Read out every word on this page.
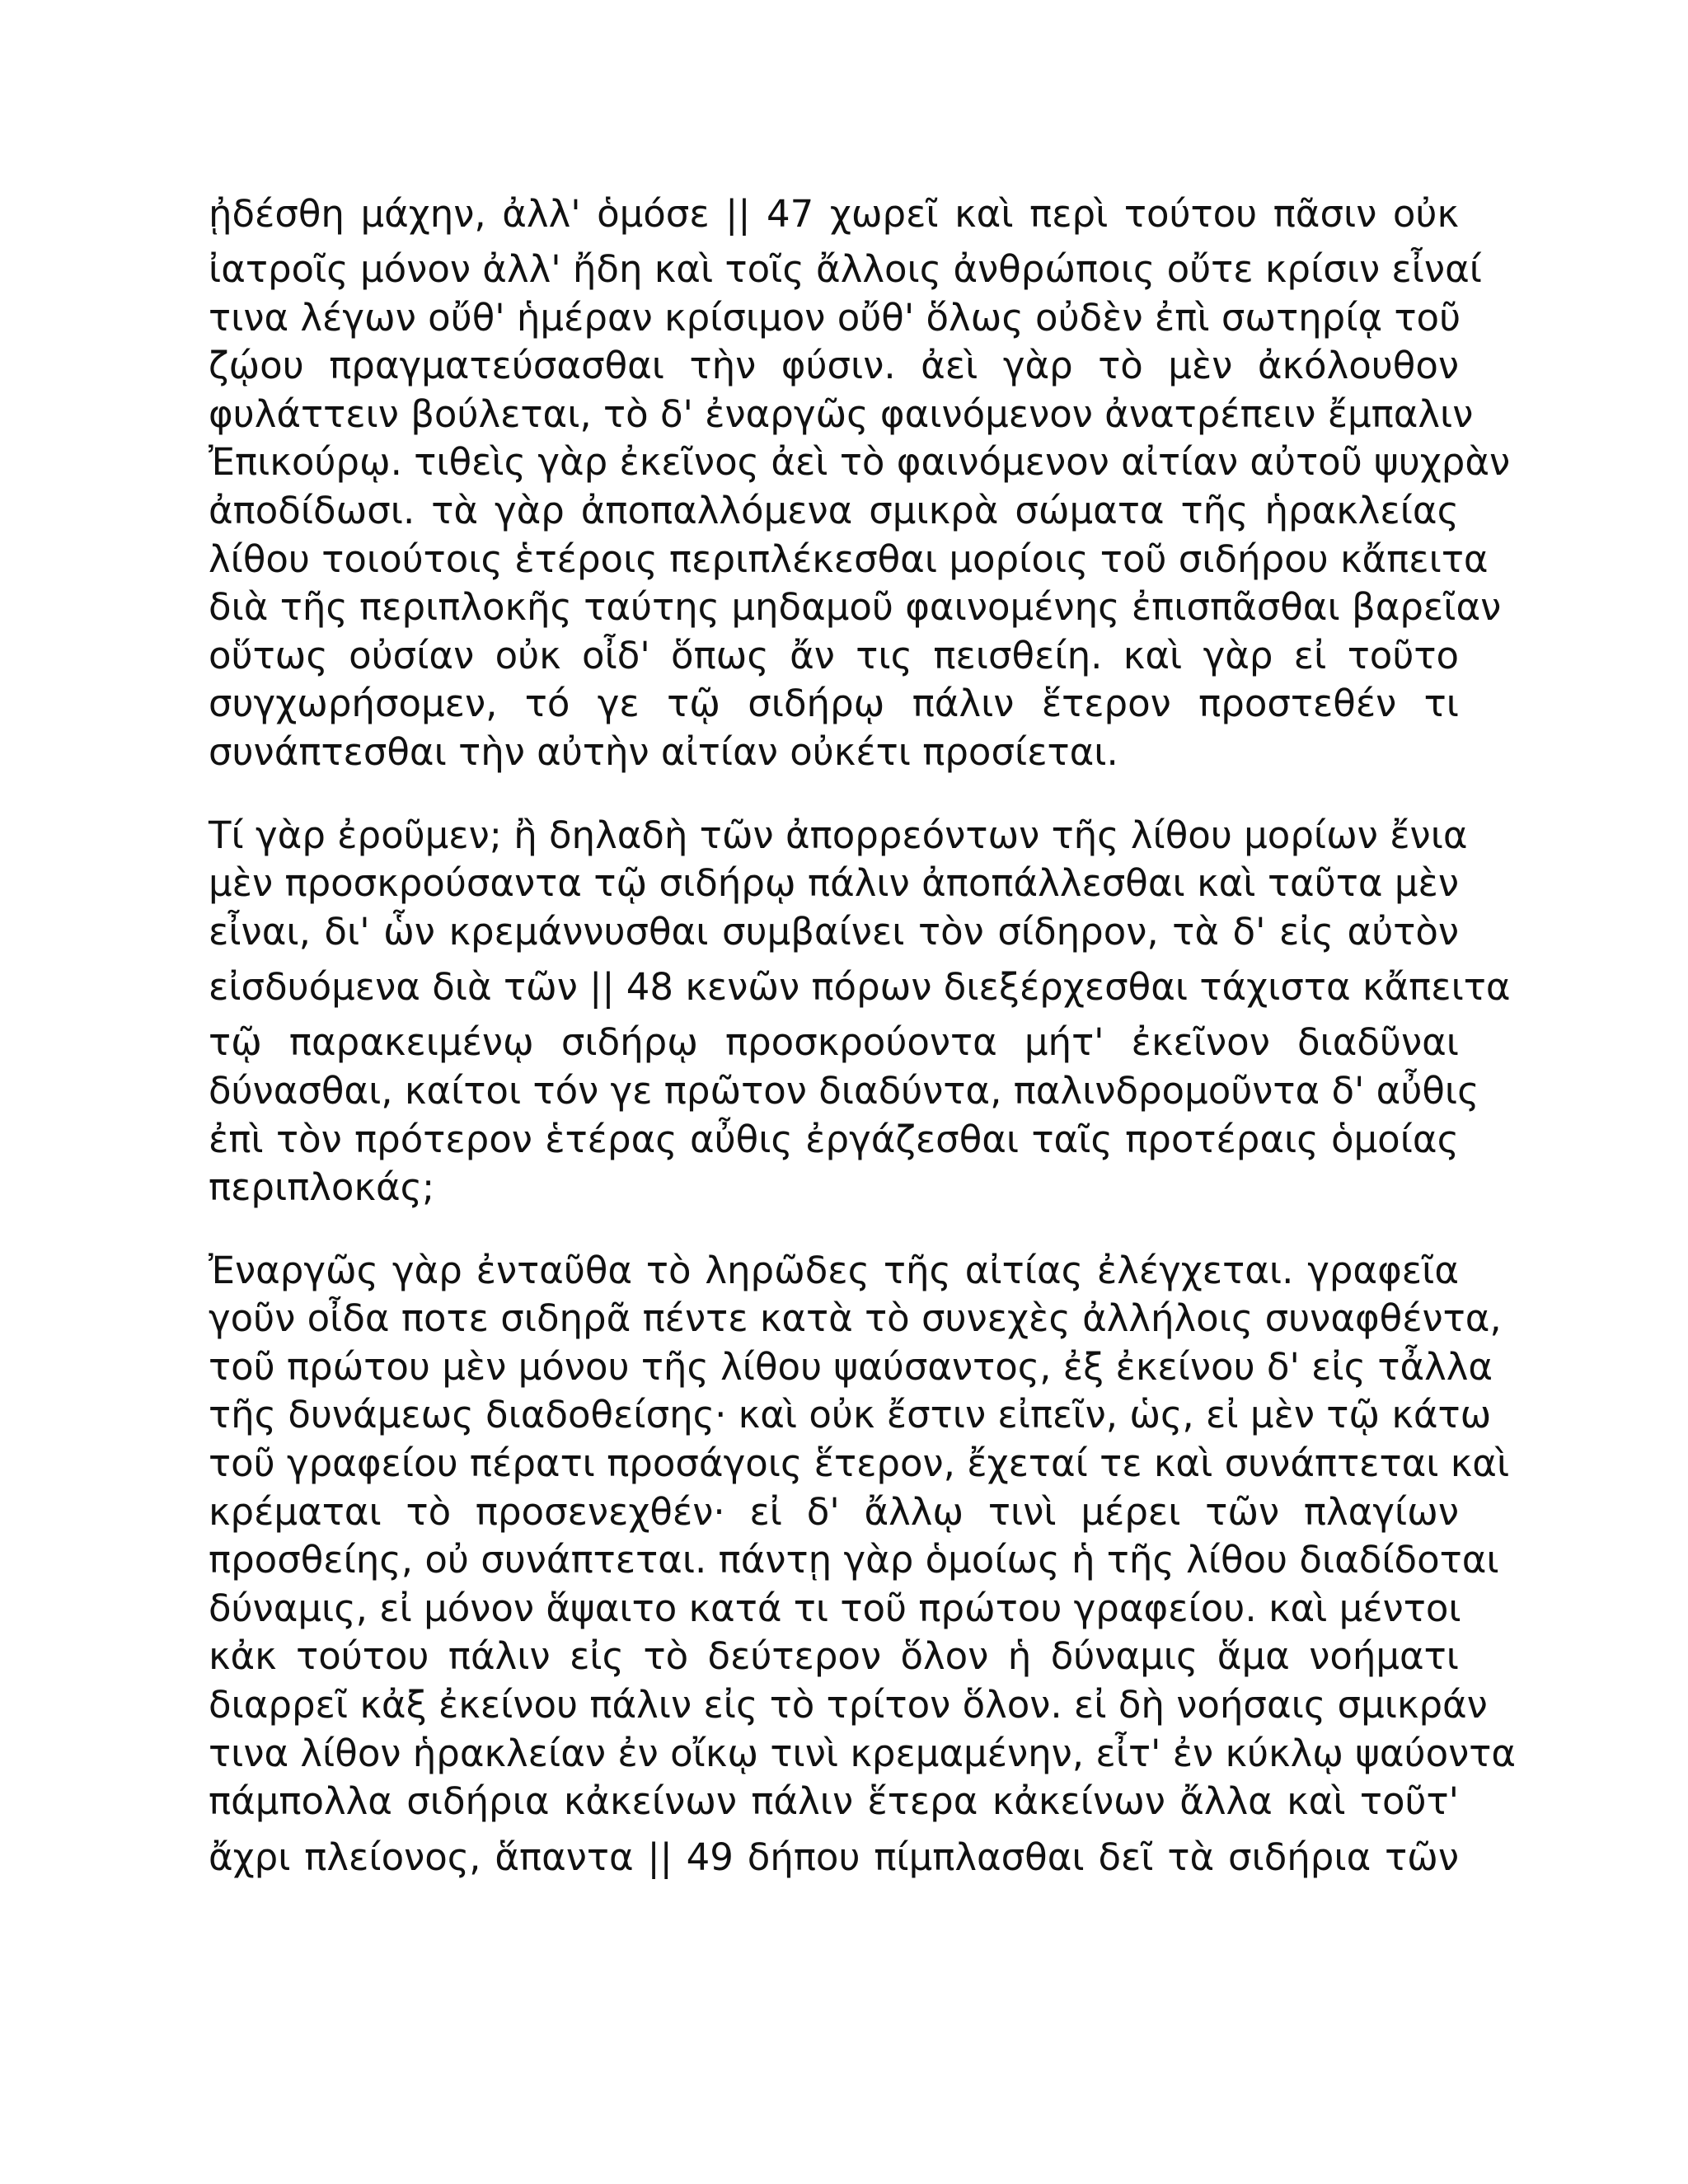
ᾐδέσθη μάχην, ἀλλ' ὁμόσε || 47 χωρεῖ καὶ περὶ τούτου πᾶσιν οὐκ
ἰατροῖς μόνον ἀλλ' ἤδη καὶ τοῖς ἄλλοις ἀνθρώποις οὔτε κρίσιν εἶναί
τινα λέγων οὔθ' ἡμέραν κρίσιμον οὔθ' ὅλως οὐδὲν ἐπὶ σωτηρίᾳ τοῦ
ζῴου πραγματεύσασθαι τὴν φύσιν. ἀεὶ γὰρ τὸ μὲν ἀκόλουθον
φυλάττειν βούλεται, τὸ δ' ἐναργῶς φαινόμενον ἀνατρέπειν ἔμπαλιν
Ἐπικούρῳ. τιθεὶς γὰρ ἐκεῖνος ἀεὶ τὸ φαινόμενον αἰτίαν αὐτοῦ ψυχρὰν
ἀποδίδωσι. τὰ γὰρ ἀποπαλλόμενα σμικρὰ σώματα τῆς ἡρακλείας
λίθου τοιούτοις ἑτέροις περιπλέκεσθαι μορίοις τοῦ σιδήρου κἄπειτα
διὰ τῆς περιπλοκῆς ταύτης μηδαμοῦ φαινομένης ἐπισπᾶσθαι βαρεῖαν
οὕτως οὐσίαν οὐκ οἶδ' ὅπως ἄν τις πεισθείη. καὶ γὰρ εἰ τοῦτο
συγχωρήσομεν, τό γε τῷ σιδήρῳ πάλιν ἕτερον προστεθέν τι
συνάπτεσθαι τὴν αὐτὴν αἰτίαν οὐκέτι προσίεται.

Τί γὰρ ἐροῦμεν; ἢ δηλαδὴ τῶν ἀπορρεόντων τῆς λίθου μορίων ἔνια
μὲν προσκρούσαντα τῷ σιδήρῳ πάλιν ἀποπάλλεσθαι καὶ ταῦτα μὲν
εἶναι, δι' ὧν κρεμάννυσθαι συμβαίνει τὸν σίδηρον, τὰ δ' εἰς αὐτὸν
εἰσδυόμενα διὰ τῶν || 48 κενῶν πόρων διεξέρχεσθαι τάχιστα κἄπειτα
τῷ παρακειμένῳ σιδήρῳ προσκρούοντα μήτ' ἐκεῖνον διαδῦναι
δύνασθαι, καίτοι τόν γε πρῶτον διαδύντα, παλινδρομοῦντα δ' αὖθις
ἐπὶ τὸν πρότερον ἑτέρας αὖθις ἐργάζεσθαι ταῖς προτέραις ὁμοίας
περιπλοκάς;

Ἐναργῶς γὰρ ἐνταῦθα τὸ ληρῶδες τῆς αἰτίας ἐλέγχεται. γραφεῖα
γοῦν οἶδα ποτε σιδηρᾶ πέντε κατὰ τὸ συνεχὲς ἀλλήλοις συναφθέντα,
τοῦ πρώτου μὲν μόνου τῆς λίθου ψαύσαντος, ἐξ ἐκείνου δ' εἰς τἆλλα
τῆς δυνάμεως διαδοθείσης· καὶ οὐκ ἔστιν εἰπεῖν, ὡς, εἰ μὲν τῷ κάτω
τοῦ γραφείου πέρατι προσάγοις ἕτερον, ἔχεταί τε καὶ συνάπτεται καὶ
κρέμαται τὸ προσενεχθέν· εἰ δ' ἄλλῳ τινὶ μέρει τῶν πλαγίων
προσθείης, οὐ συνάπτεται. πάντῃ γὰρ ὁμοίως ἡ τῆς λίθου διαδίδοται
δύναμις, εἰ μόνον ἅψαιτο κατά τι τοῦ πρώτου γραφείου. καὶ μέντοι
κἀκ τούτου πάλιν εἰς τὸ δεύτερον ὅλον ἡ δύναμις ἅμα νοήματι
διαρρεῖ κἀξ ἐκείνου πάλιν εἰς τὸ τρίτον ὅλον. εἰ δὴ νοήσαις σμικράν
τινα λίθον ἡρακλείαν ἐν οἴκῳ τινὶ κρεμαμένην, εἶτ' ἐν κύκλῳ ψαύοντα
πάμπολλα σιδήρια κἀκείνων πάλιν ἕτερα κἀκείνων ἄλλα καὶ τοῦτ'
ἄχρι πλείονος, ἅπαντα || 49 δήπου πίμπλασθαι δεῖ τὰ σιδήρια τῶν
